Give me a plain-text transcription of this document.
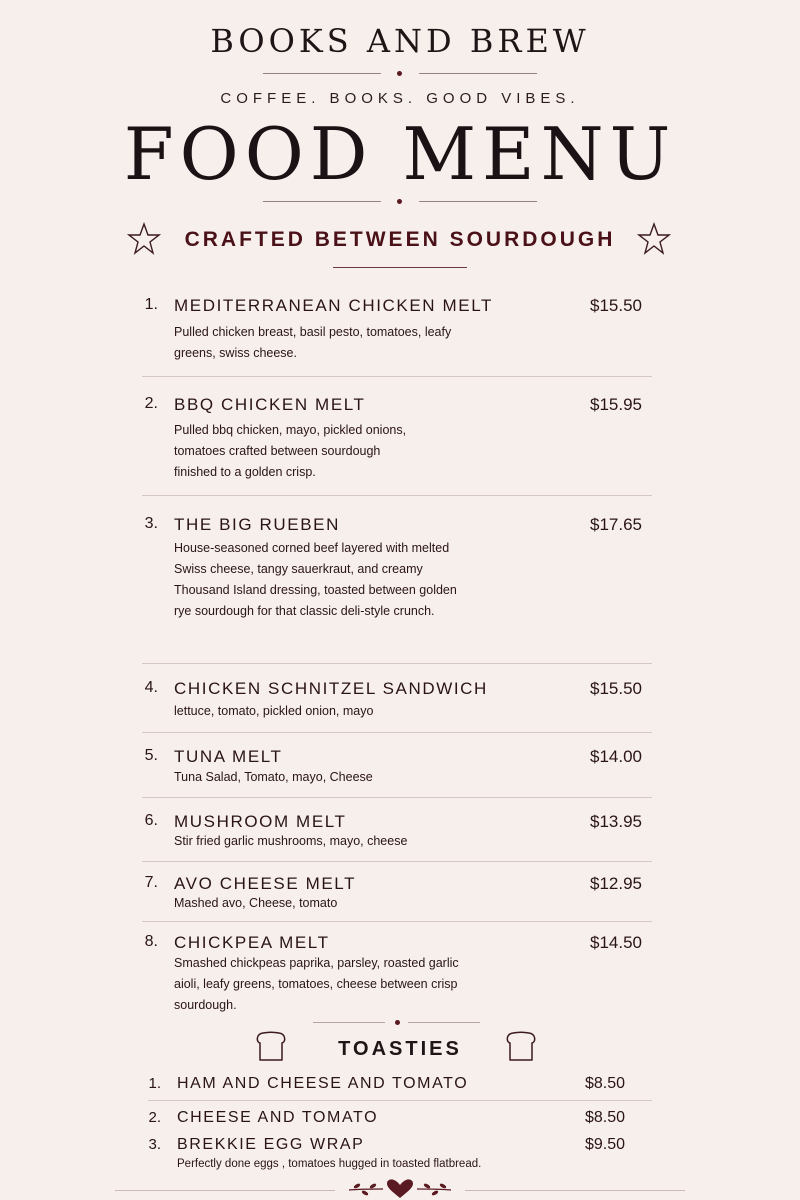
BOOKS AND BREW
COFFEE. BOOKS. GOOD VIBES.
FOOD MENU
CRAFTED BETWEEN SOURDOUGH
1. MEDITERRANEAN CHICKEN MELT	$15.50
Pulled chicken breast, basil pesto, tomatoes, leafy greens, swiss cheese.
2. BBQ CHICKEN MELT	$15.95
Pulled bbq chicken, mayo, pickled onions, tomatoes crafted between sourdough finished to a golden crisp.
3. THE BIG RUEBEN	$17.65
House-seasoned corned beef layered with melted Swiss cheese, tangy sauerkraut, and creamy Thousand Island dressing, toasted between golden rye sourdough for that classic deli-style crunch.
4. CHICKEN SCHNITZEL SANDWICH	$15.50
lettuce, tomato, pickled onion, mayo
5. TUNA MELT	$14.00
Tuna Salad, Tomato, mayo, Cheese
6. MUSHROOM MELT	$13.95
Stir fried garlic mushrooms, mayo, cheese
7. AVO CHEESE MELT	$12.95
Mashed avo, Cheese, tomato
8. CHICKPEA MELT	$14.50
Smashed chickpeas paprika, parsley, roasted garlic aioli, leafy greens, tomatoes, cheese between crisp sourdough.
TOASTIES
1. HAM AND CHEESE AND TOMATO	$8.50
2. CHEESE AND TOMATO	$8.50
3. BREKKIE EGG WRAP	$9.50
Perfectly done eggs , tomatoes hugged in toasted flatbread.
